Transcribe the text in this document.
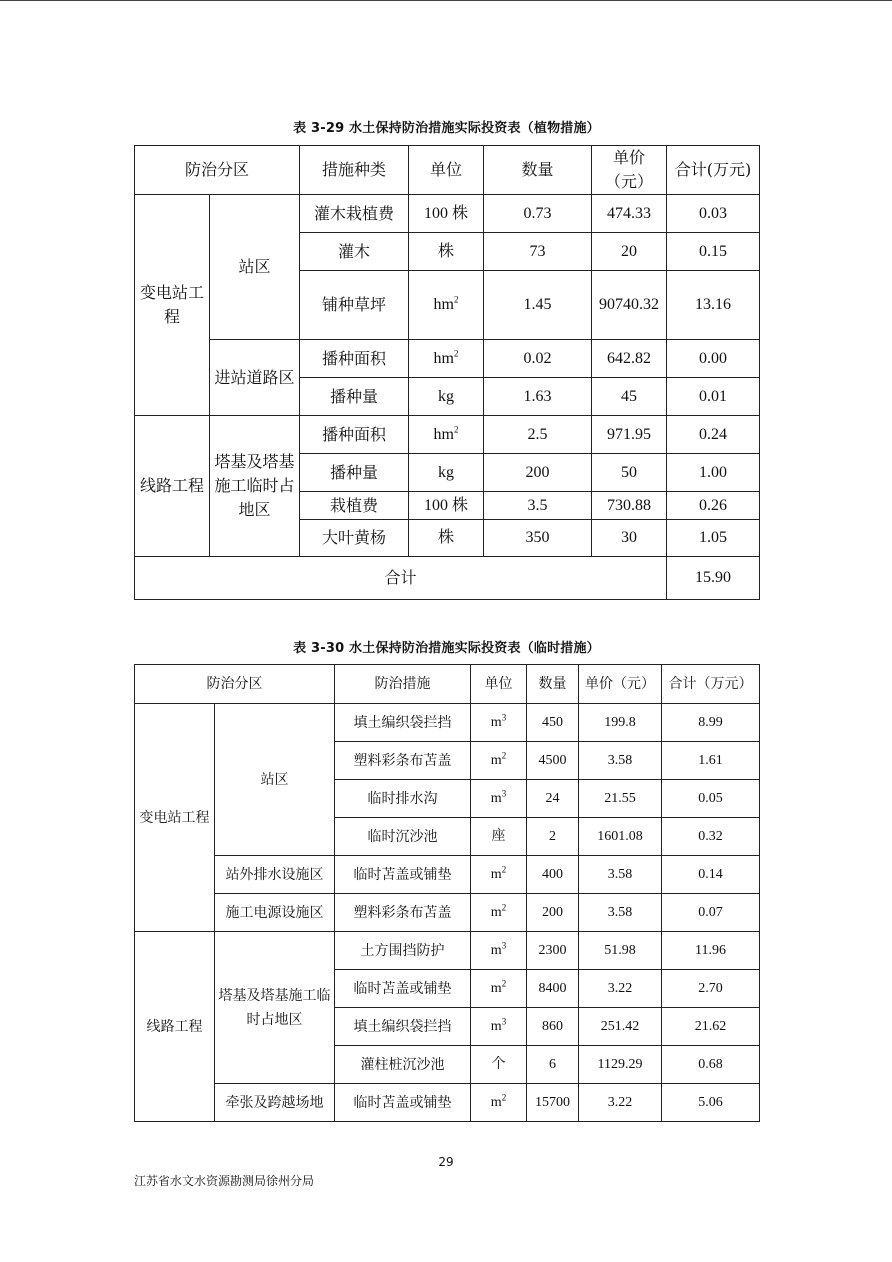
表 3-29 水土保持防治措施实际投资表（植物措施）
防治分区		措施种类	单位	数量	单价（元）	合计(万元)
变电站工程	站区	灌木栽植费	100 株	0.73	474.33	0.03
		灌木	株	73	20	0.15
		铺种草坪	$hm^2$	1.45	90740.32	13.16
	进站道路区	播种面积	$hm^2$	0.02	642.82	0.00
		播种量	kg	1.63	45	0.01
线路工程	塔基及塔基施工临时占地区	播种面积	$hm^2$	2.5	971.95	0.24
		播种量	kg	200	50	1.00
		栽植费	100 株	3.5	730.88	0.26
		大叶黄杨	株	350	30	1.05
合计						15.90
表 3-30 水土保持防治措施实际投资表（临时措施）
防治分区		防治措施	单位	数量	单价（元）	合计（万元）
变电站工程	站区	填土编织袋拦挡	$m^3$	450	199.8	8.99
		塑料彩条布苫盖	$m^2$	4500	3.58	1.61
		临时排水沟	$m^3$	24	21.55	0.05
		临时沉沙池	座	2	1601.08	0.32
	站外排水设施区	临时苫盖或铺垫	$m^2$	400	3.58	0.14
	施工电源设施区	塑料彩条布苫盖	$m^2$	200	3.58	0.07
线路工程	塔基及塔基施工临时占地区	土方围挡防护	$m^3$	2300	51.98	11.96
		临时苫盖或铺垫	$m^2$	8400	3.22	2.70
		填土编织袋拦挡	$m^3$	860	251.42	21.62
		灌柱桩沉沙池	个	6	1129.29	0.68
	牵张及跨越场地	临时苫盖或铺垫	$m^2$	15700	3.22	5.06
29
江苏省水文水资源勘测局徐州分局
